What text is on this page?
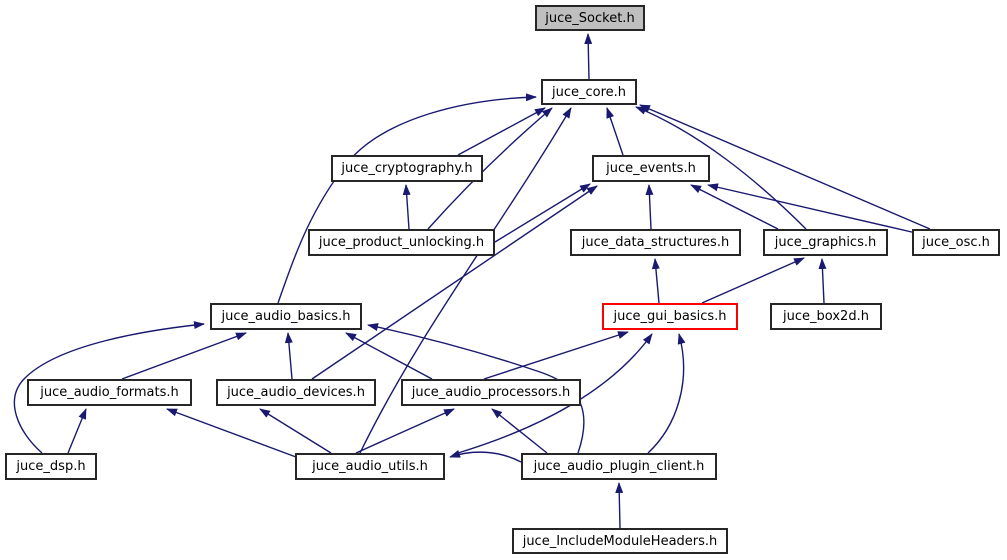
juce_Socket.h
juce_core.h
juce_cryptography.h	juce_events.h
juce_product_unlocking.h	juce_data_structures.h	juce_graphics.h	juce_osc.h
juce_audio_basics.h	juce_gui_basics.h	juce_box2d.h
juce_audio_formats.h	juce_audio_devices.h	juce_audio_processors.h
juce_dsp.h	juce_audio_utils.h	juce_audio_plugin_client.h
juce_IncludeModuleHeaders.h
